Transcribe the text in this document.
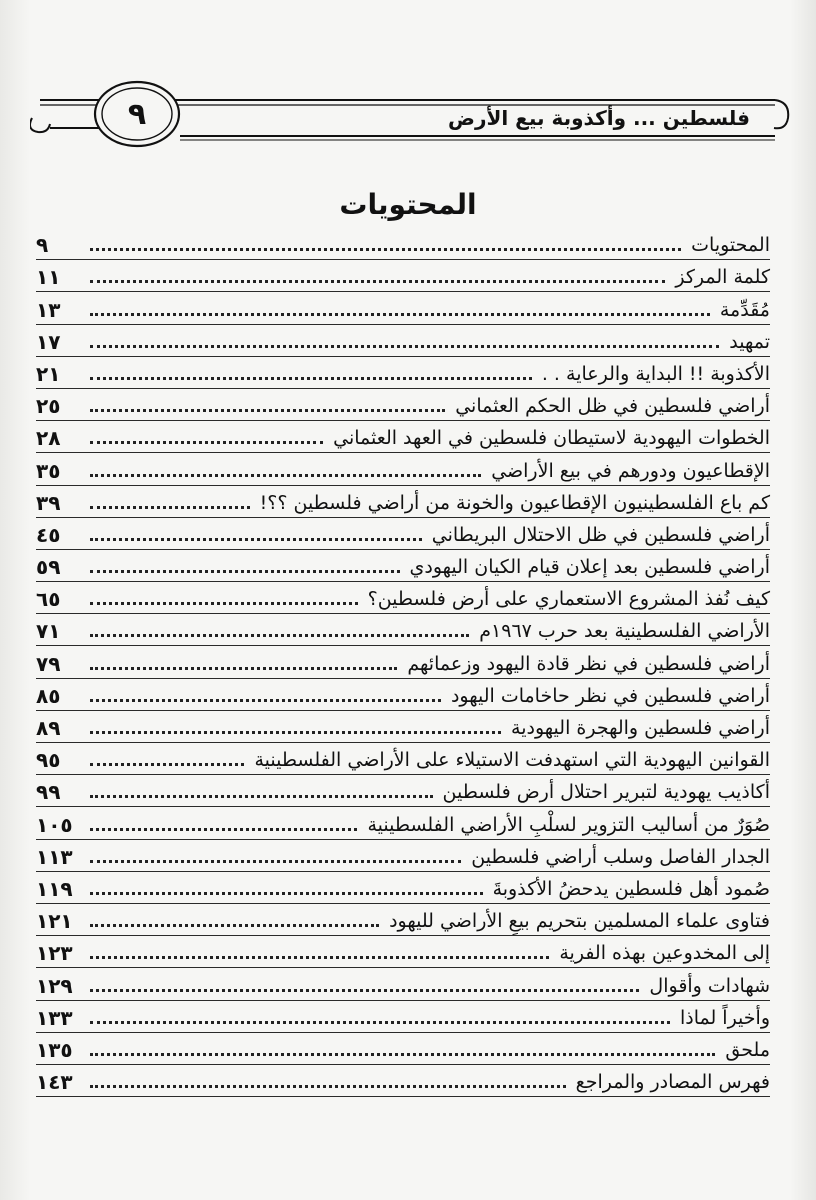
٩	فلسطين ... وأكذوبة بيع الأرض
المحتويات
المحتويات
٩
كلمة المركز
١١
مُقَدِّمة
١٣
تمهيد
١٧
الأكذوبة !! البداية والرعاية . .
٢١
أراضي فلسطين في ظل الحكم العثماني
٢٥
الخطوات اليهودية لاستيطان فلسطين في العهد العثماني
٢٨
الإقطاعيون ودورهم في بيع الأراضي
٣٥
كم باع الفلسطينيون الإقطاعيون والخونة من أراضي فلسطين ؟؟!
٣٩
أراضي فلسطين في ظل الاحتلال البريطاني
٤٥
أراضي فلسطين بعد إعلان قيام الكيان اليهودي
٥٩
كيف نُفذ المشروع الاستعماري على أرض فلسطين؟
٦٥
الأراضي الفلسطينية بعد حرب ١٩٦٧م
٧١
أراضي فلسطين في نظر قادة اليهود وزعمائهم
٧٩
أراضي فلسطين في نظر حاخامات اليهود
٨٥
أراضي فلسطين والهجرة اليهودية
٨٩
القوانين اليهودية التي استهدفت الاستيلاء على الأراضي الفلسطينية
٩٥
أكاذيب يهودية لتبرير احتلال أرض فلسطين
٩٩
صُوَرٌ من أساليب التزوير لسلْبِ الأراضي الفلسطينية
١٠٥
الجدار الفاصل وسلب أراضي فلسطين
١١٣
صُمود أهل فلسطين يدحضُ الأكذوبةَ
١١٩
فتاوى علماء المسلمين بتحريم بيعِ الأراضي لليهود
١٢١
إلى المخدوعين بهذه الفرية
١٢٣
شهادات وأقوال
١٢٩
وأخيراً لماذا
١٣٣
ملحق
١٣٥
فهرس المصادر والمراجع
١٤٣
